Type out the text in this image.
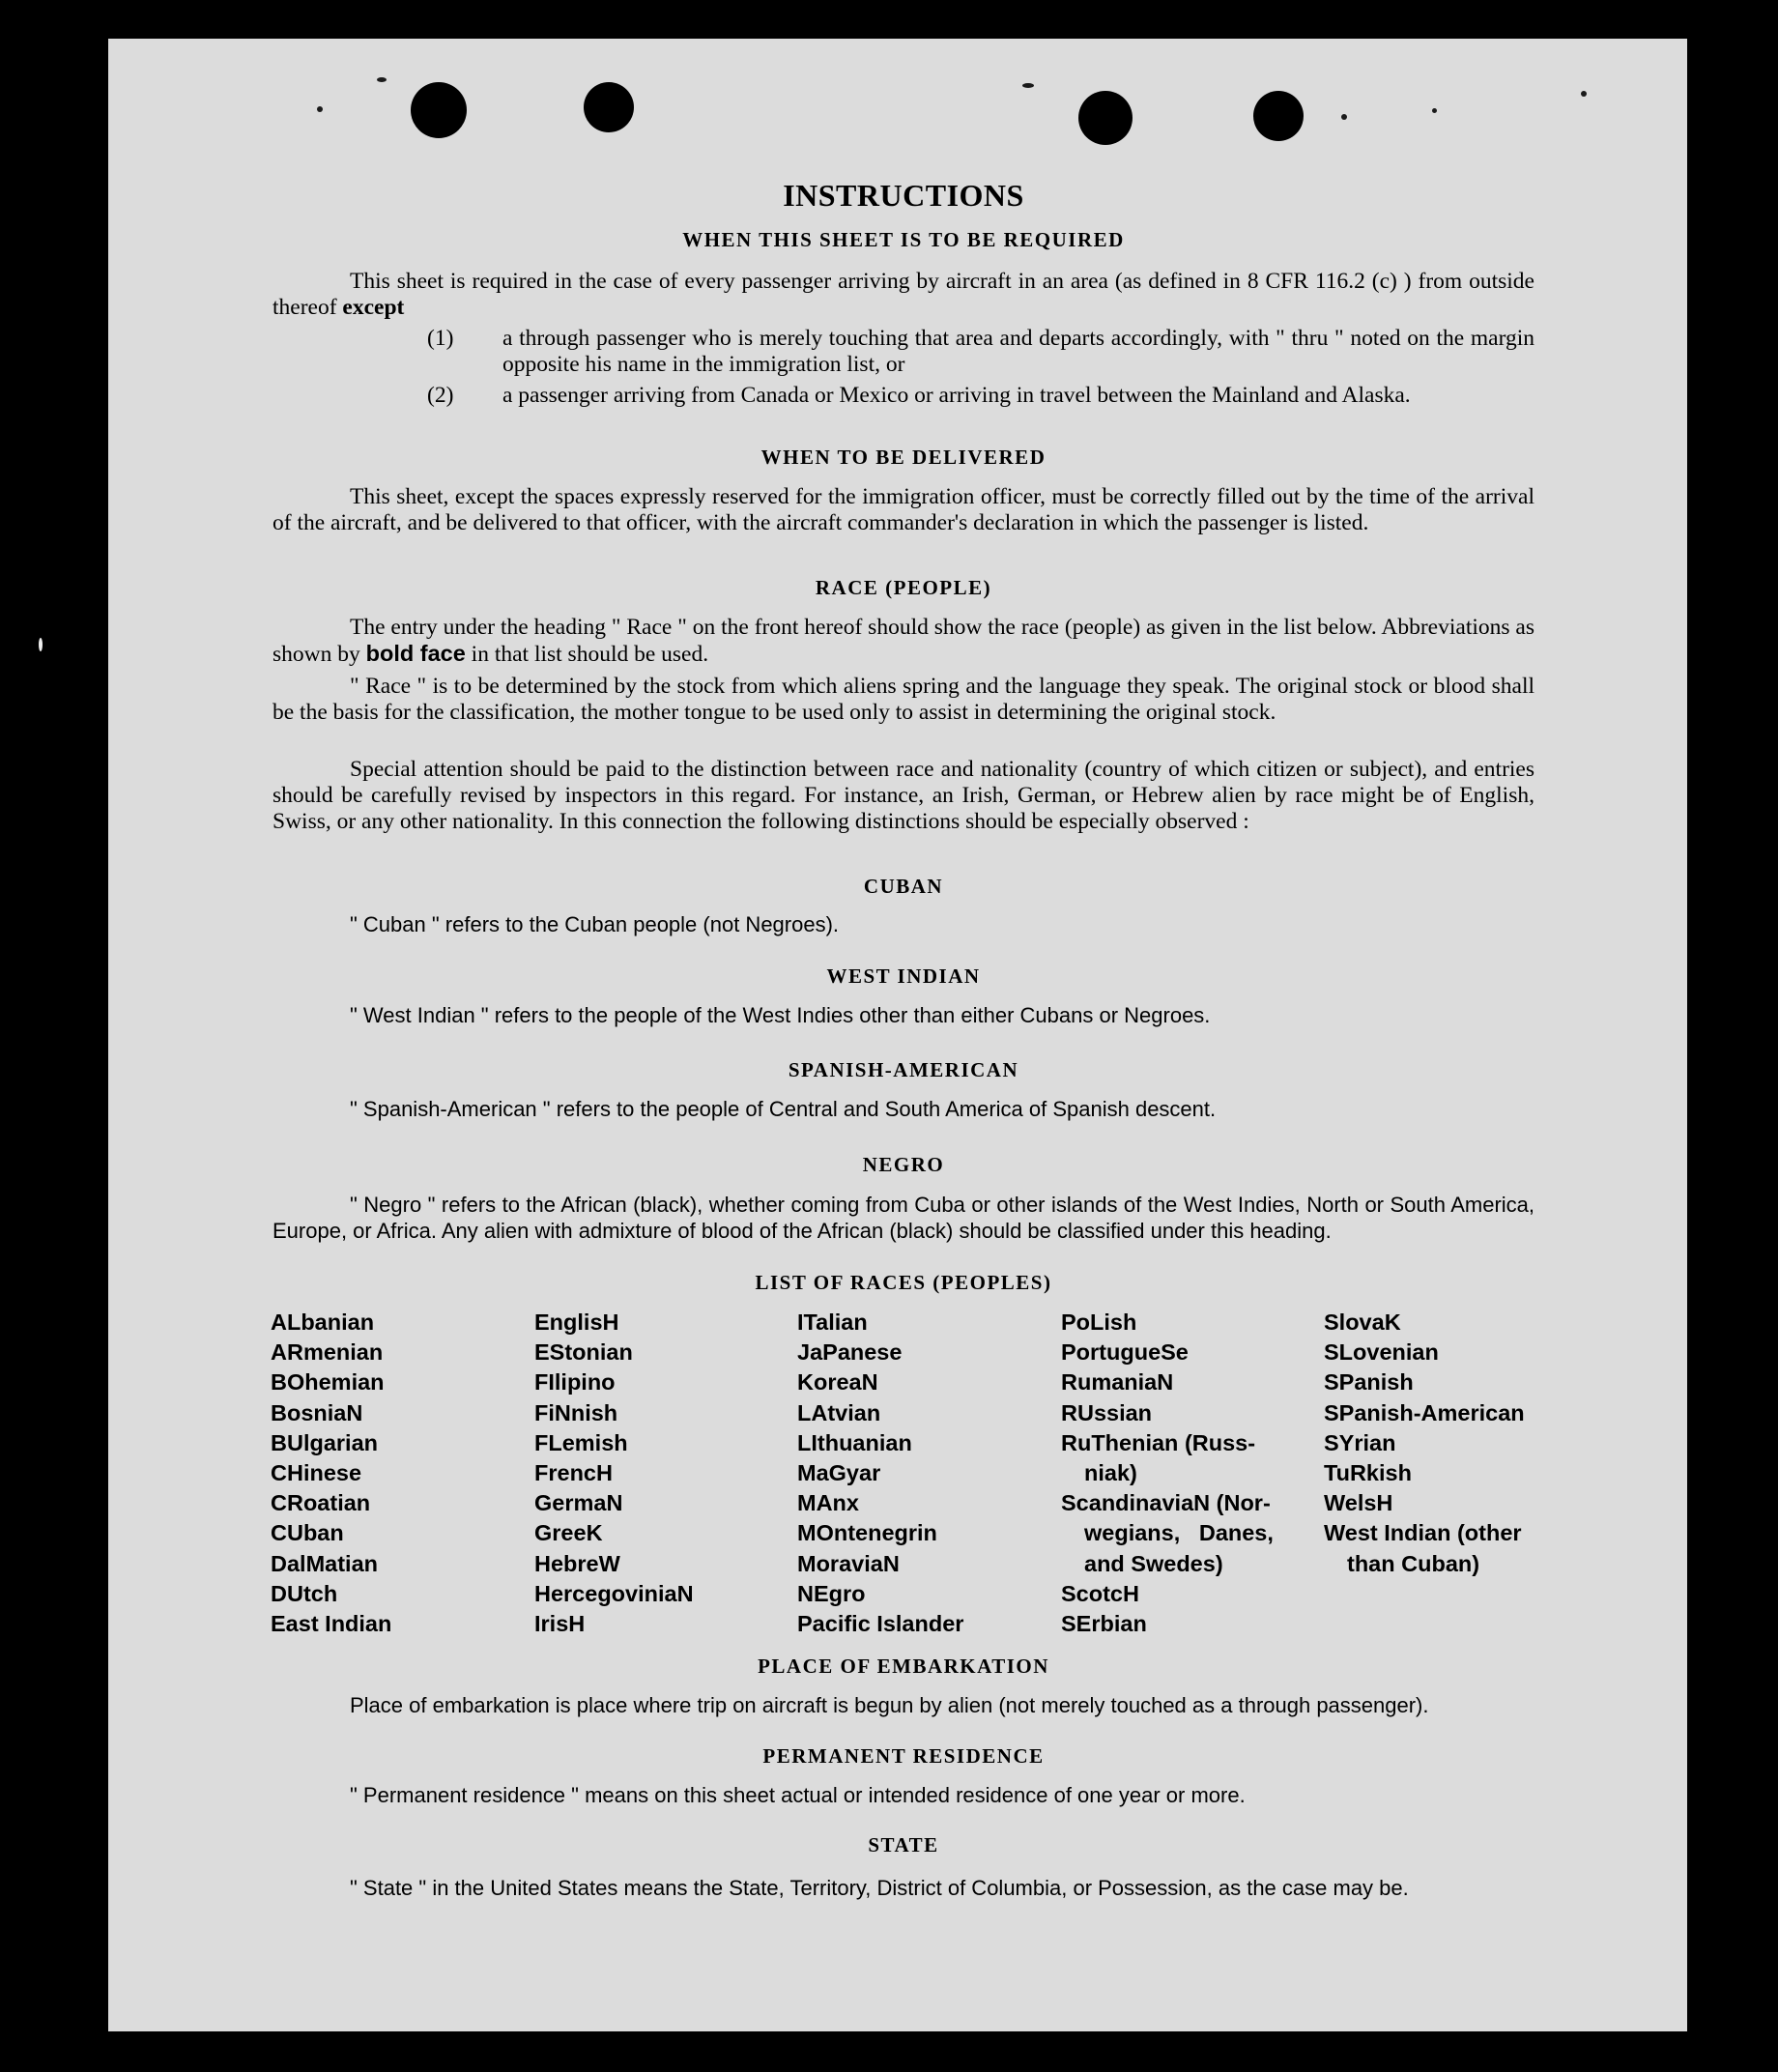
INSTRUCTIONS
WHEN THIS SHEET IS TO BE REQUIRED
This sheet is required in the case of every passenger arriving by aircraft in an area (as defined in 8 CFR 116.2 (c) ) from outside thereof except
(1) a through passenger who is merely touching that area and departs accordingly, with " thru " noted on the margin opposite his name in the immigration list, or
(2) a passenger arriving from Canada or Mexico or arriving in travel between the Mainland and Alaska.
WHEN TO BE DELIVERED
This sheet, except the spaces expressly reserved for the immigration officer, must be correctly filled out by the time of the arrival of the aircraft, and be delivered to that officer, with the aircraft commander's declaration in which the passenger is listed.
RACE (PEOPLE)
The entry under the heading " Race " on the front hereof should show the race (people) as given in the list below. Abbreviations as shown by bold face in that list should be used.
" Race " is to be determined by the stock from which aliens spring and the language they speak. The original stock or blood shall be the basis for the classification, the mother tongue to be used only to assist in determining the original stock.
Special attention should be paid to the distinction between race and nationality (country of which citizen or subject), and entries should be carefully revised by inspectors in this regard. For instance, an Irish, German, or Hebrew alien by race might be of English, Swiss, or any other nationality. In this connection the following distinctions should be especially observed :
CUBAN
" Cuban " refers to the Cuban people (not Negroes).
WEST INDIAN
" West Indian " refers to the people of the West Indies other than either Cubans or Negroes.
SPANISH-AMERICAN
" Spanish-American " refers to the people of Central and South America of Spanish descent.
NEGRO
" Negro " refers to the African (black), whether coming from Cuba or other islands of the West Indies, North or South America, Europe, or Africa. Any alien with admixture of blood of the African (black) should be classified under this heading.
LIST OF RACES (PEOPLES)
ALbanian
ARmenian
BOhemian
BosniaN
BUlgarian
CHinese
CRoatian
CUban
DalMatian
DUtch
East Indian
EnglisH
EStonian
FIlipino
FiNnish
FLemish
FrencH
GermaN
GreeK
HebreW
HercegoviniaN
IrisH
ITalian
JaPanese
KoreaN
LAtvian
LIthuanian
MaGyar
MAnx
MOntenegrin
MoraviaN
NEgro
Pacific Islander
PoLish
PortugueSe
RumaniaN
RUssian
RuThenian (Russ-
niak)
ScandinaviaN (Nor-
wegians,   Danes,
and Swedes)
ScotcH
SErbian
SlovaK
SLovenian
SPanish
SPanish-American
SYrian
TuRkish
WelsH
West Indian (other
than Cuban)
PLACE OF EMBARKATION
Place of embarkation is place where trip on aircraft is begun by alien (not merely touched as a through passenger).
PERMANENT RESIDENCE
" Permanent residence " means on this sheet actual or intended residence of one year or more.
STATE
" State " in the United States means the State, Territory, District of Columbia, or Possession, as the case may be.
